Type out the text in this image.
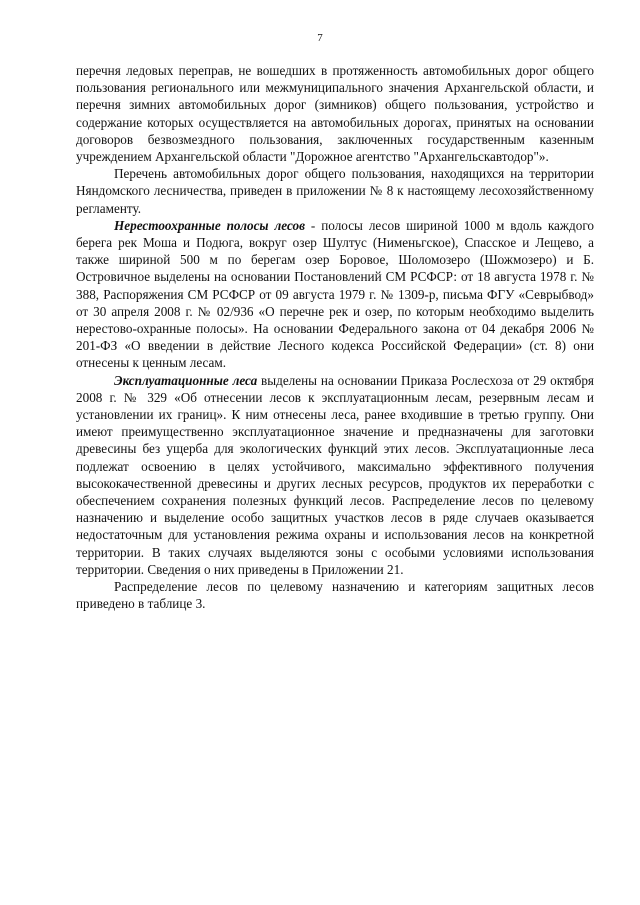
7

перечня ледовых переправ, не вошедших в протяженность автомобильных дорог общего пользования регионального или межмуниципального значения Архангельской области, и перечня зимних автомобильных дорог (зимников) общего пользования, устройство и содержание которых осуществляется на автомобильных дорогах, принятых на основании договоров безвозмездного пользования, заключенных государственным казенным учреждением Архангельской области "Дорожное агентство "Архангельскавтодор"».

Перечень автомобильных дорог общего пользования, находящихся на территории Няндомского лесничества, приведен в приложении № 8 к настоящему лесохозяйственному регламенту.

Нерестоохранные полосы лесов - полосы лесов шириной 1000 м вдоль каждого берега рек Моша и Подюга, вокруг озер Шултус (Нименьгское), Спасское и Лещево, а также шириной 500 м по берегам озер Боровое, Шоломозеро (Шожмозеро) и Б. Островичное выделены на основании Постановлений СМ РСФСР: от 18 августа 1978 г. № 388, Распоряжения СМ РСФСР от 09 августа 1979 г. № 1309-р, письма ФГУ «Севрыбвод» от 30 апреля 2008 г. № 02/936 «О перечне рек и озер, по которым необходимо выделить нерестово-охранные полосы». На основании Федерального закона от 04 декабря 2006 № 201-ФЗ «О введении в действие Лесного кодекса Российской Федерации» (ст. 8) они отнесены к ценным лесам.

Эксплуатационные леса выделены на основании Приказа Рослесхоза от 29 октября 2008 г. № 329 «Об отнесении лесов к эксплуатационным лесам, резервным лесам и установлении их границ». К ним отнесены леса, ранее входившие в третью группу. Они имеют преимущественно эксплуатационное значение и предназначены для заготовки древесины без ущерба для экологических функций этих лесов. Эксплуатационные леса подлежат освоению в целях устойчивого, максимально эффективного получения высококачественной древесины и других лесных ресурсов, продуктов их переработки с обеспечением сохранения полезных функций лесов. Распределение лесов по целевому назначению и выделение особо защитных участков лесов в ряде случаев оказывается недостаточным для установления режима охраны и использования лесов на конкретной территории. В таких случаях выделяются зоны с особыми условиями использования территории. Сведения о них приведены в Приложении 21.

Распределение лесов по целевому назначению и категориям защитных лесов приведено в таблице 3.
